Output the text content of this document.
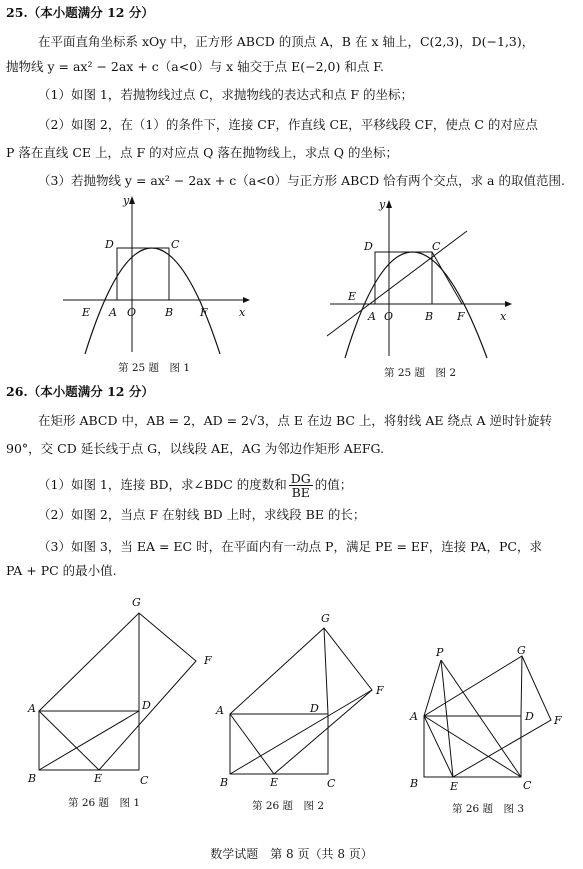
25.（本小题满分 12 分）
在平面直角坐标系 xOy 中，正方形 ABCD 的顶点 A，B 在 x 轴上，C(2,3)，D(−1,3)，
抛物线 y = ax² − 2ax + c（a<0）与 x 轴交于点 E(−2,0) 和点 F.
（1）如图 1，若抛物线过点 C，求抛物线的表达式和点 F 的坐标；
（2）如图 2，在（1）的条件下，连接 CF，作直线 CE，平移线段 CF，使点 C 的对应点
P 落在直线 CE 上，点 F 的对应点 Q 落在抛物线上，求点 Q 的坐标；
（3）若抛物线 y = ax² − 2ax + c（a<0）与正方形 ABCD 恰有两个交点，求 a 的取值范围.
y
x
D	C
E A O	B F
第 25 题　图 1
y
x
D	C
E
A O	B F
第 25 题　图 2
26.（本小题满分 12 分）
在矩形 ABCD 中，AB = 2，AD = 2√3，点 E 在边 BC 上，将射线 AE 绕点 A 逆时针旋转
90°，交 CD 延长线于点 G，以线段 AE，AG 为邻边作矩形 AEFG.
（1）如图 1，连接 BD，求∠BDC 的度数和 $\frac{DG}{BE}$ 的值；
（2）如图 2，当点 F 在射线 BD 上时，求线段 BE 的长；
（3）如图 3，当 EA = EC 时，在平面内有一动点 P，满足 PE = EF，连接 PA，PC，求
PA + PC 的最小值.
G
F
A	D
B	E	C
第 26 题　图 1
G
F
A	D
B	E	C
第 26 题　图 2
P	G
F
A	D
B	E	C
第 26 题　图 3
数学试题　第 8 页（共 8 页）
